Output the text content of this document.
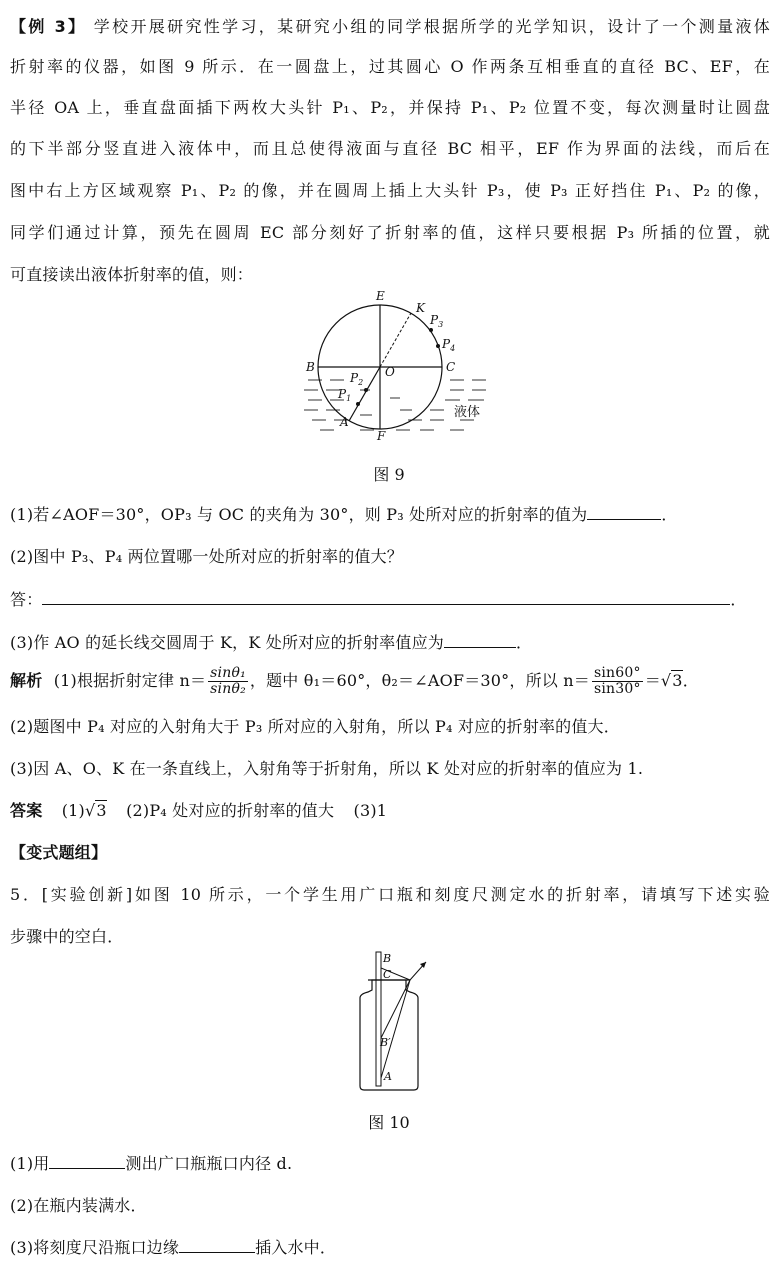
【例 3】 学校开展研究性学习，某研究小组的同学根据所学的光学知识，设计了一个测量液体
折射率的仪器，如图 9 所示．在一圆盘上，过其圆心 O 作两条互相垂直的直径 BC、EF，在
半径 OA 上，垂直盘面插下两枚大头针 P₁、P₂，并保持 P₁、P₂ 位置不变，每次测量时让圆盘
的下半部分竖直进入液体中，而且总使得液面与直径 BC 相平，EF 作为界面的法线，而后在
图中右上方区域观察 P₁、P₂ 的像，并在圆周上插上大头针 P₃，使 P₃ 正好挡住 P₁、P₂ 的像，
同学们通过计算，预先在圆周 EC 部分刻好了折射率的值，这样只要根据 P₃ 所插的位置，就
可直接读出液体折射率的值，则：
E
K
$P_3$
$P_4$
B	O	C
$P_2$
$P_1$
A
F
液体
图 9
(1)若∠AOF＝30°，OP₃ 与 OC 的夹角为 30°，则 P₃ 处所对应的折射率的值为	．
(2)图中 P₃、P₄ 两位置哪一处所对应的折射率的值大？
答：	．
(3)作 AO 的延长线交圆周于 K，K 处所对应的折射率值应为	．
解析 (1)根据折射定律 $n= \frac{\text{sinθ₁}}{\text{sinθ₂}}$ ，题中 θ₁＝60°，θ₂＝∠AOF＝30°，所以 $n= \frac{\sin 60^\circ}{\sin 30^\circ} =√3$．
(2)题图中 P₄ 对应的入射角大于 P₃ 所对应的入射角，所以 P₄ 对应的折射率的值大．
(3)因 A、O、K 在一条直线上，入射角等于折射角，所以 K 处对应的折射率的值应为 1.
答案 (1)√3 (2)P₄ 处对应的折射率的值大 (3)1
【变式题组】
5．[实验创新]如图 10 所示，一个学生用广口瓶和刻度尺测定水的折射率，请填写下述实验
步骤中的空白．
B
C
B′
A
图 10
(1)用	测出广口瓶瓶口内径 d.
(2)在瓶内装满水．
(3)将刻度尺沿瓶口边缘	插入水中．
